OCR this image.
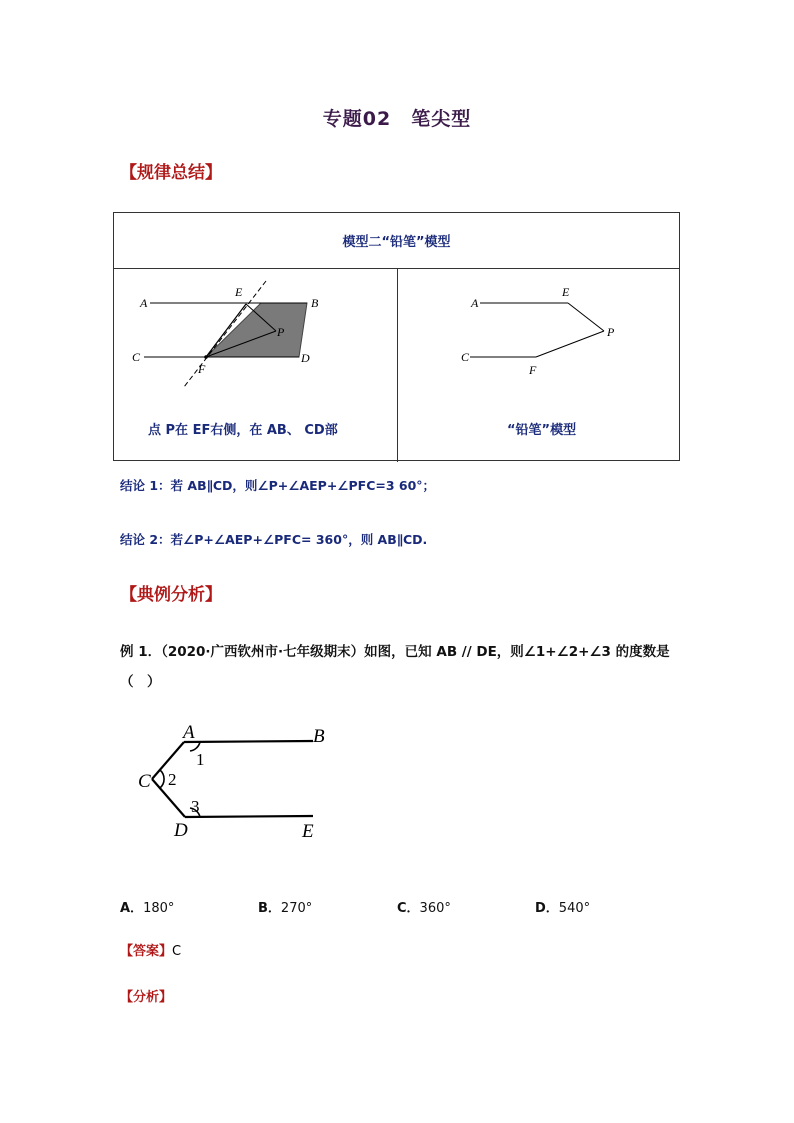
专题02　笔尖型
【规律总结】
模型二“铅笔”模型
A	B
C	D
E
F
P
A
E
P
C
F
点 P在 EF右侧，在 AB、 CD部	“铅笔”模型
结论 1：若 AB∥CD，则∠P+∠AEP+∠PFC=3 60°；
结论 2：若∠P+∠AEP+∠PFC= 360°，则 AB∥CD.
【典例分析】
例 1．（2020·广西钦州市·七年级期末）如图，已知 AB // DE，则∠1+∠2+∠3 的度数是
（　）
A	B
C
D	E
1
2
3
A．180°	B．270°	C．360°	D．540°
【答案】C
【分析】
